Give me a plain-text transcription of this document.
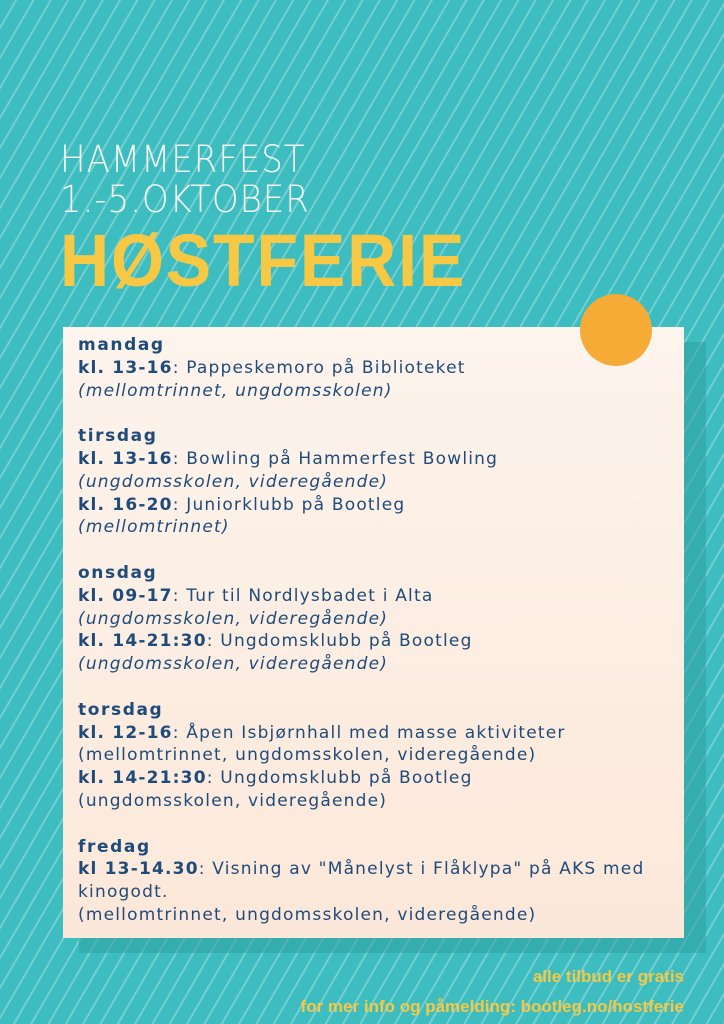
HAMMERFEST
1.-5.OKTOBER
HØSTFERIE
mandag
kl. 13-16: Pappeskemoro på Biblioteket
(mellomtrinnet, ungdomsskolen)
tirsdag
kl. 13-16: Bowling på Hammerfest Bowling
(ungdomsskolen, videregående)
kl. 16-20: Juniorklubb på Bootleg
(mellomtrinnet)
onsdag
kl. 09-17: Tur til Nordlysbadet i Alta
(ungdomsskolen, videregående)
kl. 14-21:30: Ungdomsklubb på Bootleg
(ungdomsskolen, videregående)
torsdag
kl. 12-16: Åpen Isbjørnhall med masse aktiviteter
(mellomtrinnet, ungdomsskolen, videregående)
kl. 14-21:30: Ungdomsklubb på Bootleg
(ungdomsskolen, videregående)
fredag
kl 13-14.30: Visning av "Månelyst i Flåklypa" på AKS med kinogodt.
(mellomtrinnet, ungdomsskolen, videregående)
alle tilbud er gratis
for mer info og påmelding: bootleg.no/hostferie
